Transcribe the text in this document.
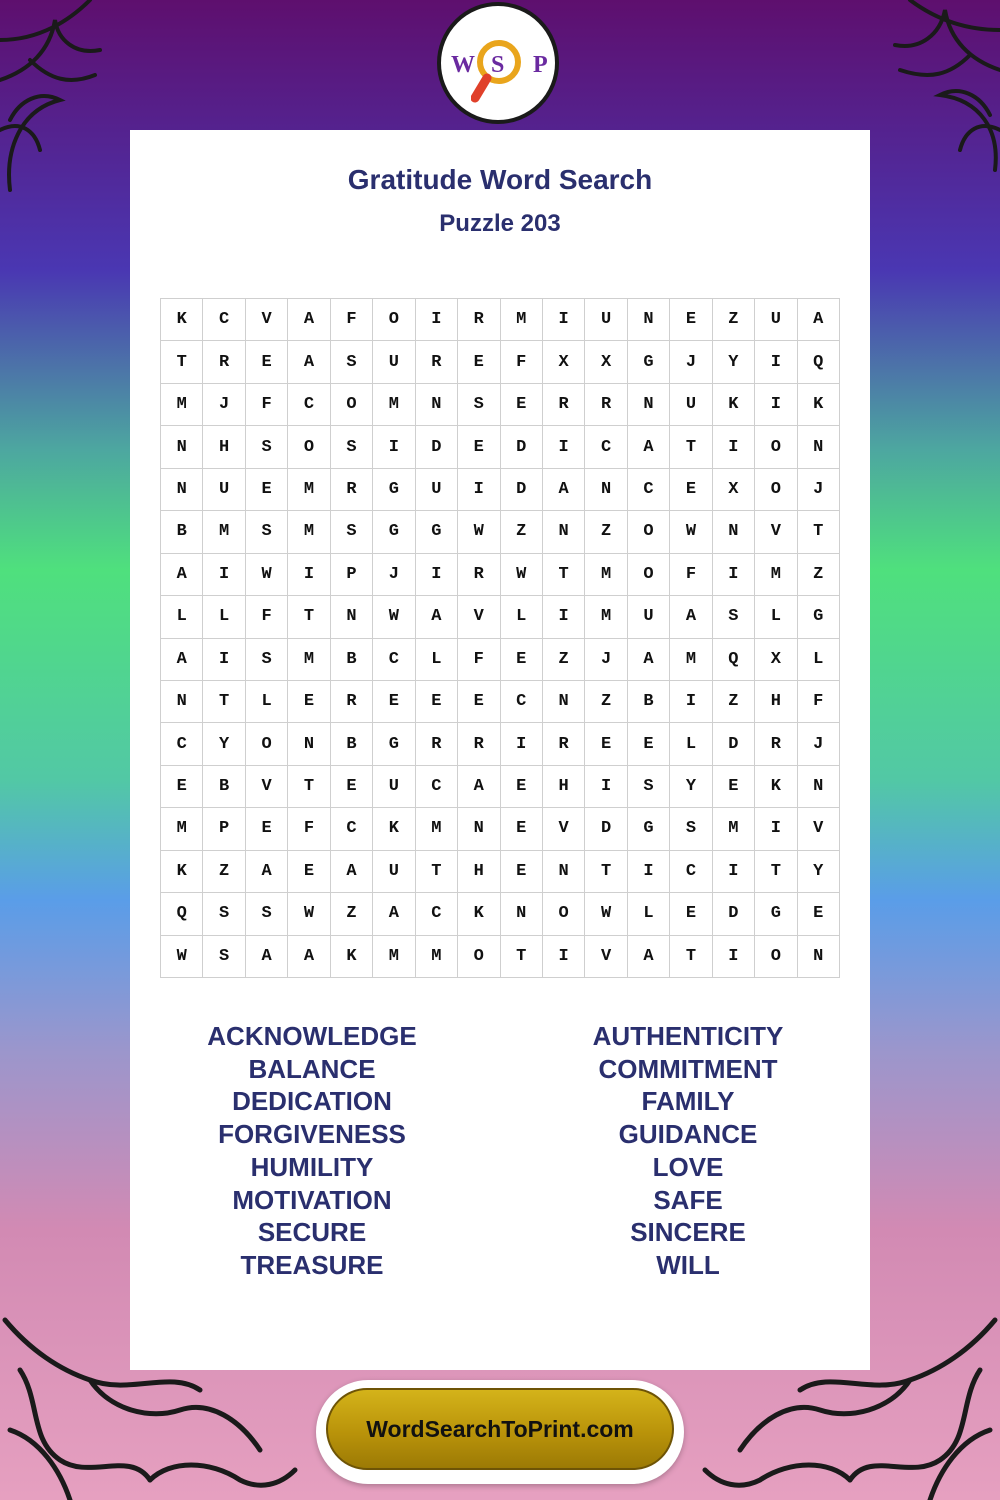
W S P
Gratitude Word Search
Puzzle 203
K	C	V	A	F	O	I	R	M	I	U	N	E	Z	U	A
T	R	E	A	S	U	R	E	F	X	X	G	J	Y	I	Q
M	J	F	C	O	M	N	S	E	R	R	N	U	K	I	K
N	H	S	O	S	I	D	E	D	I	C	A	T	I	O	N
N	U	E	M	R	G	U	I	D	A	N	C	E	X	O	J
B	M	S	M	S	G	G	W	Z	N	Z	O	W	N	V	T
A	I	W	I	P	J	I	R	W	T	M	O	F	I	M	Z
L	L	F	T	N	W	A	V	L	I	M	U	A	S	L	G
A	I	S	M	B	C	L	F	E	Z	J	A	M	Q	X	L
N	T	L	E	R	E	E	E	C	N	Z	B	I	Z	H	F
C	Y	O	N	B	G	R	R	I	R	E	E	L	D	R	J
E	B	V	T	E	U	C	A	E	H	I	S	Y	E	K	N
M	P	E	F	C	K	M	N	E	V	D	G	S	M	I	V
K	Z	A	E	A	U	T	H	E	N	T	I	C	I	T	Y
Q	S	S	W	Z	A	C	K	N	O	W	L	E	D	G	E
W	S	A	A	K	M	M	O	T	I	V	A	T	I	O	N
ACKNOWLEDGE
BALANCE
DEDICATION
FORGIVENESS
HUMILITY
MOTIVATION
SECURE
TREASURE
AUTHENTICITY
COMMITMENT
FAMILY
GUIDANCE
LOVE
SAFE
SINCERE
WILL
WordSearchToPrint.com
